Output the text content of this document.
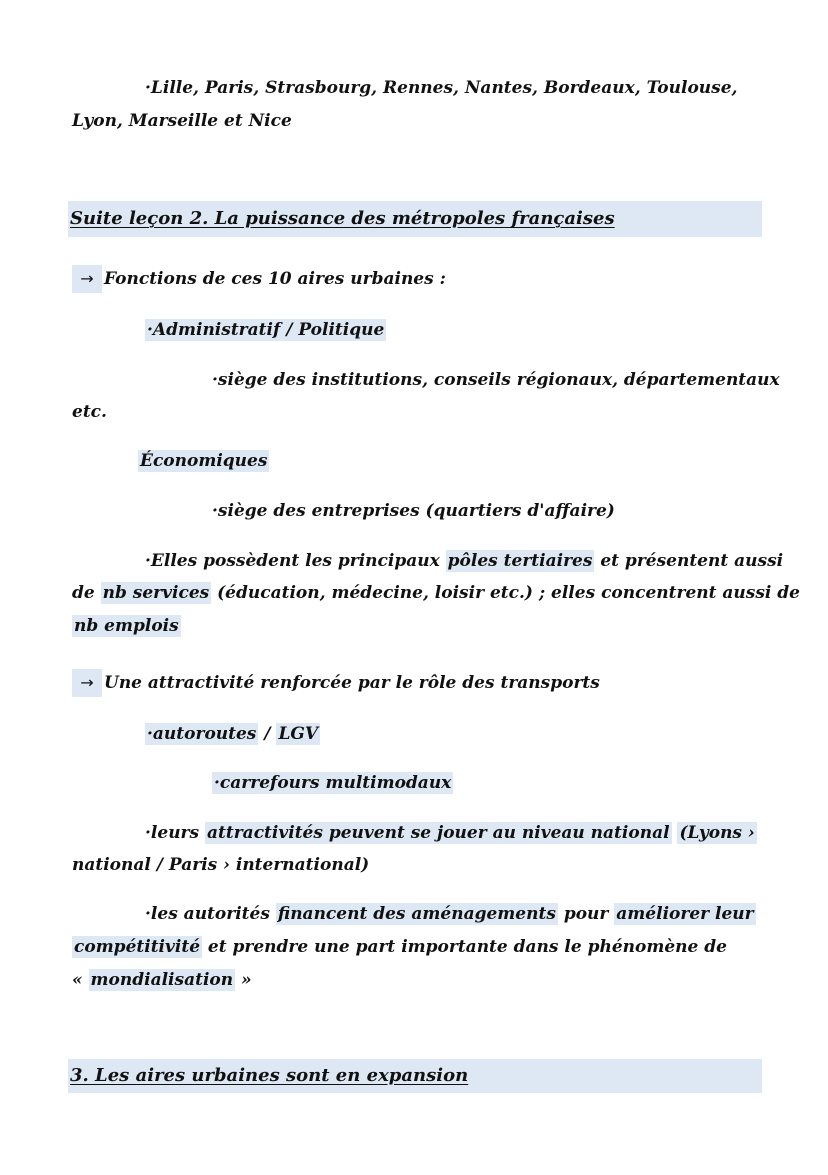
·Lille, Paris, Strasbourg, Rennes, Nantes, Bordeaux, Toulouse,
Lyon, Marseille et Nice
Suite leçon 2. La puissance des métropoles françaises
→ Fonctions de ces 10 aires urbaines :
·Administratif / Politique
·siège des institutions, conseils régionaux, départementaux
etc.
Économiques
·siège des entreprises (quartiers d'affaire)
·Elles possèdent les principaux pôles tertiaires et présentent aussi
de nb services (éducation, médecine, loisir etc.) ; elles concentrent aussi de
nb emplois
→ Une attractivité renforcée par le rôle des transports
·autoroutes / LGV
·carrefours multimodaux
·leurs attractivités peuvent se jouer au niveau national (Lyons ›
national / Paris › international)
·les autorités financent des aménagements pour améliorer leur
compétitivité et prendre une part importante dans le phénomène de
« mondialisation »
3. Les aires urbaines sont en expansion
